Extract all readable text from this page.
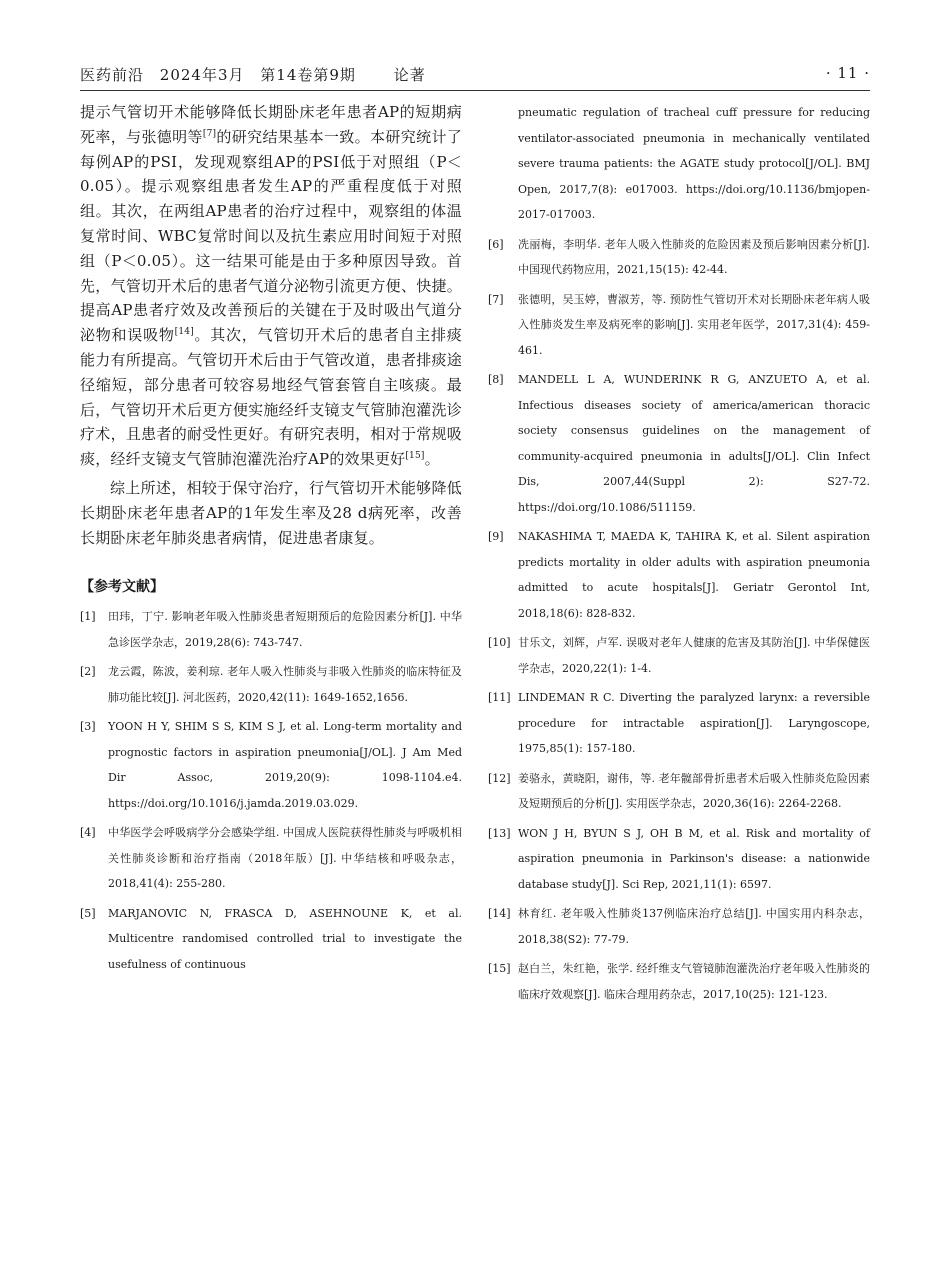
医药前沿 2024年3月 第14卷第9期	论著	· 11 ·

提示气管切开术能够降低长期卧床老年患者AP的短期病死率，与张德明等[7]的研究结果基本一致。本研究统计了每例AP的PSI，发现观察组AP的PSI低于对照组（P＜0.05）。提示观察组患者发生AP的严重程度低于对照组。其次，在两组AP患者的治疗过程中，观察组的体温复常时间、WBC复常时间以及抗生素应用时间短于对照组（P＜0.05）。这一结果可能是由于多种原因导致。首先，气管切开术后的患者气道分泌物引流更方便、快捷。提高AP患者疗效及改善预后的关键在于及时吸出气道分泌物和误吸物[14]。其次，气管切开术后的患者自主排痰能力有所提高。气管切开术后由于气管改道，患者排痰途径缩短，部分患者可较容易地经气管套管自主咳痰。最后，气管切开术后更方便实施经纤支镜支气管肺泡灌洗诊疗术，且患者的耐受性更好。有研究表明，相对于常规吸痰，经纤支镜支气管肺泡灌洗治疗AP的效果更好[15]。

综上所述，相较于保守治疗，行气管切开术能够降低长期卧床老年患者AP的1年发生率及28 d病死率，改善长期卧床老年肺炎患者病情，促进患者康复。

【参考文献】
[1] 田玮，丁宁. 影响老年吸入性肺炎患者短期预后的危险因素分析[J]. 中华急诊医学杂志，2019,28(6): 743-747.
[2] 龙云霞，陈波，姜利琼. 老年人吸入性肺炎与非吸入性肺炎的临床特征及肺功能比较[J]. 河北医药，2020,42(11): 1649-1652,1656.
[3] YOON H Y, SHIM S S, KIM S J, et al. Long-term mortality and prognostic factors in aspiration pneumonia[J/OL]. J Am Med Dir Assoc, 2019,20(9): 1098-1104.e4. https://doi.org/10.1016/j.jamda.2019.03.029.
[4] 中华医学会呼吸病学分会感染学组. 中国成人医院获得性肺炎与呼吸机相关性肺炎诊断和治疗指南（2018年版）[J]. 中华结核和呼吸杂志，2018,41(4): 255-280.
[5] MARJANOVIC N, FRASCA D, ASEHNOUNE K, et al. Multicentre randomised controlled trial to investigate the usefulness of continuous
pneumatic regulation of tracheal cuff pressure for reducing ventilator-associated pneumonia in mechanically ventilated severe trauma patients: the AGATE study protocol[J/OL]. BMJ Open, 2017,7(8): e017003. https://doi.org/10.1136/bmjopen-2017-017003.
[6] 冼丽梅，李明华. 老年人吸入性肺炎的危险因素及预后影响因素分析[J]. 中国现代药物应用，2021,15(15): 42-44.
[7] 张德明，吴玉婷，曹淑芳，等. 预防性气管切开术对长期卧床老年病人吸入性肺炎发生率及病死率的影响[J]. 实用老年医学，2017,31(4): 459-461.
[8] MANDELL L A, WUNDERINK R G, ANZUETO A, et al. Infectious diseases society of america/american thoracic society consensus guidelines on the management of community-acquired pneumonia in adults[J/OL]. Clin Infect Dis, 2007,44(Suppl 2): S27-72. https://doi.org/10.1086/511159.
[9] NAKASHIMA T, MAEDA K, TAHIRA K, et al. Silent aspiration predicts mortality in older adults with aspiration pneumonia admitted to acute hospitals[J]. Geriatr Gerontol Int, 2018,18(6): 828-832.
[10] 甘乐文，刘辉，卢军. 误吸对老年人健康的危害及其防治[J]. 中华保健医学杂志，2020,22(1): 1-4.
[11] LINDEMAN R C. Diverting the paralyzed larynx: a reversible procedure for intractable aspiration[J]. Laryngoscope, 1975,85(1): 157-180.
[12] 姜骆永，黄晓阳，谢伟，等. 老年髋部骨折患者术后吸入性肺炎危险因素及短期预后的分析[J]. 实用医学杂志，2020,36(16): 2264-2268.
[13] WON J H, BYUN S J, OH B M, et al. Risk and mortality of aspiration pneumonia in Parkinson's disease: a nationwide database study[J]. Sci Rep, 2021,11(1): 6597.
[14] 林育红. 老年吸入性肺炎137例临床治疗总结[J]. 中国实用内科杂志，2018,38(S2): 77-79.
[15] 赵白兰，朱红艳，张学. 经纤维支气管镜肺泡灌洗治疗老年吸入性肺炎的临床疗效观察[J]. 临床合理用药杂志，2017,10(25): 121-123.
